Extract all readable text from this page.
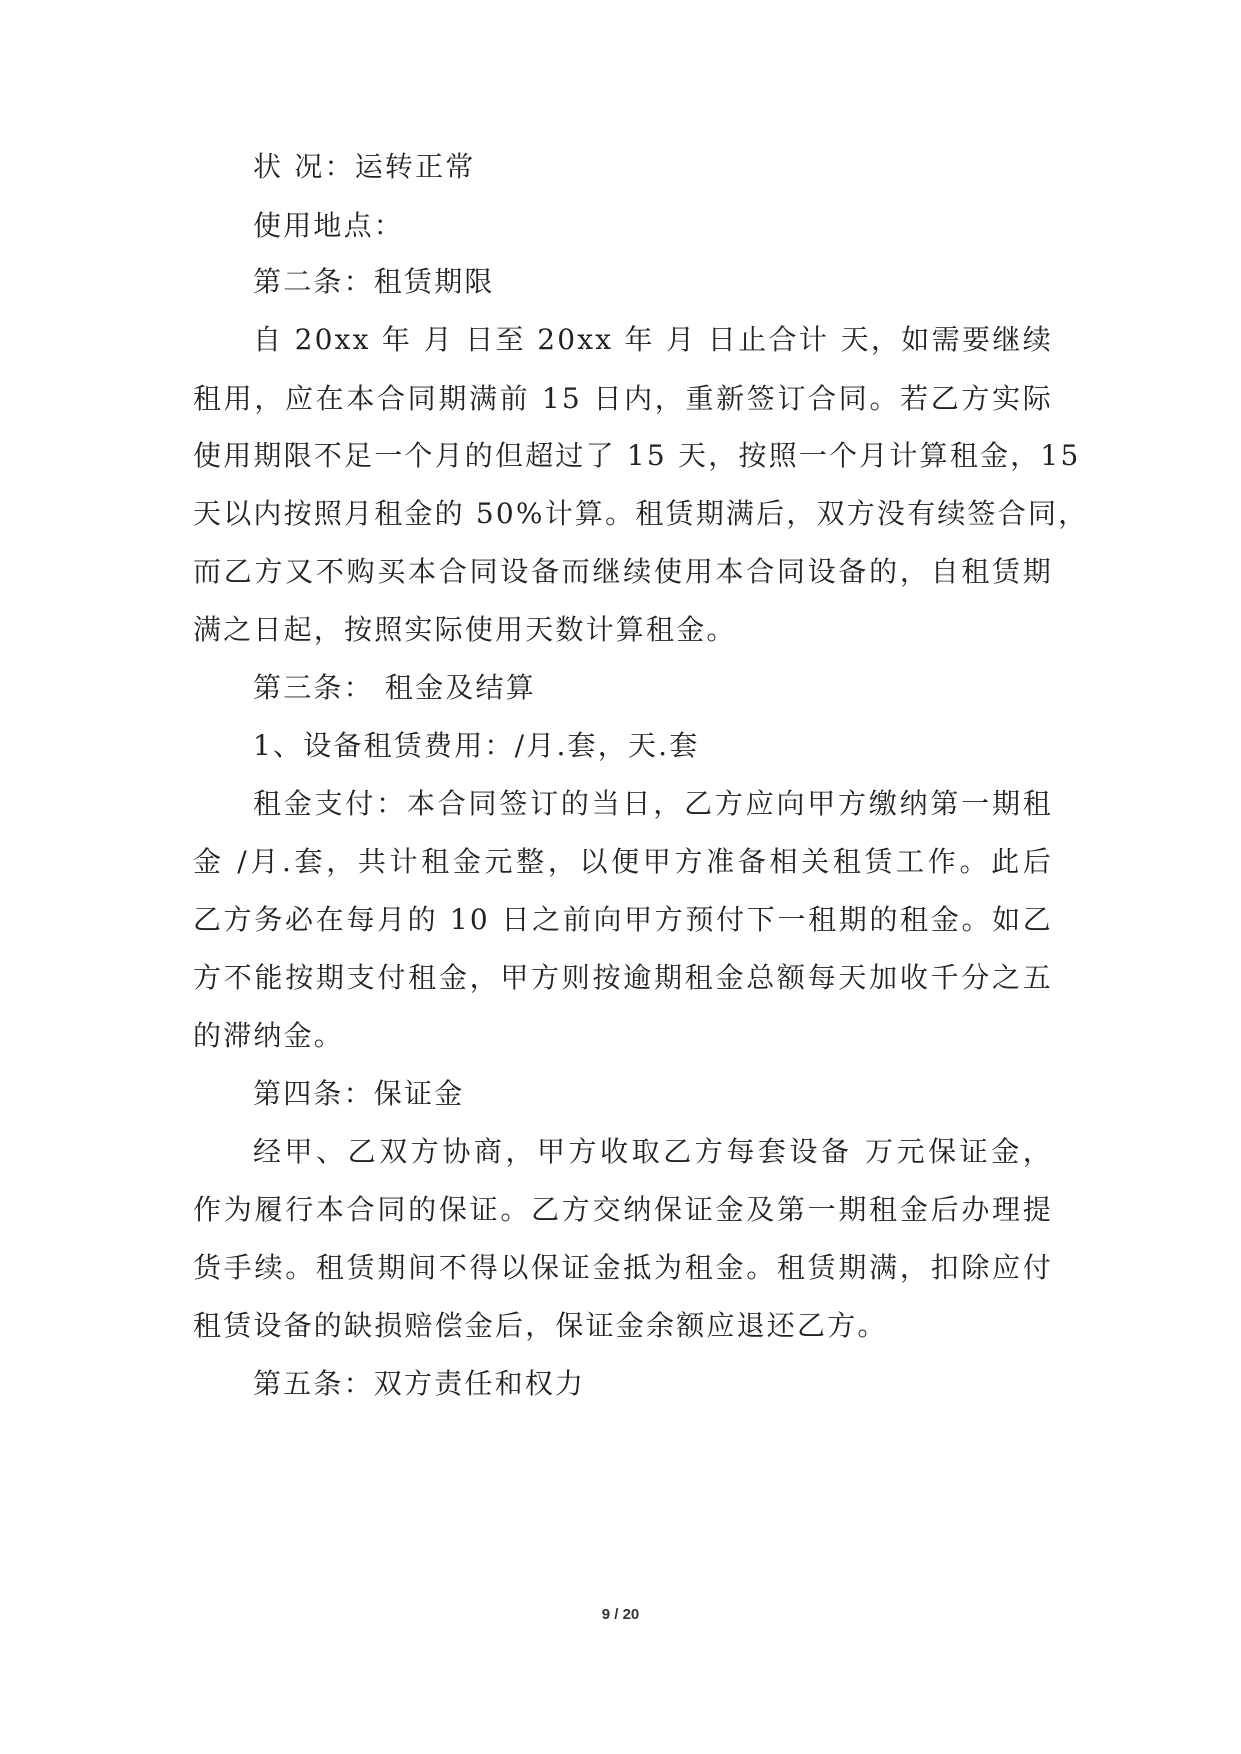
状 况：运转正常
使用地点：
第二条：租赁期限
自 20xx 年 月 日至 20xx 年 月 日止合计 天，如需要继续
租用，应在本合同期满前 15 日内，重新签订合同。若乙方实际
使用期限不足一个月的但超过了 15 天，按照一个月计算租金，15
天以内按照月租金的 50%计算。租赁期满后，双方没有续签合同，
而乙方又不购买本合同设备而继续使用本合同设备的，自租赁期
满之日起，按照实际使用天数计算租金。
第三条： 租金及结算
1、设备租赁费用：/月.套，天.套
租金支付：本合同签订的当日，乙方应向甲方缴纳第一期租
金 /月.套，共计租金元整，以便甲方准备相关租赁工作。此后
乙方务必在每月的 10 日之前向甲方预付下一租期的租金。如乙
方不能按期支付租金，甲方则按逾期租金总额每天加收千分之五
的滞纳金。
第四条：保证金
经甲、乙双方协商，甲方收取乙方每套设备 万元保证金，
作为履行本合同的保证。乙方交纳保证金及第一期租金后办理提
货手续。租赁期间不得以保证金抵为租金。租赁期满，扣除应付
租赁设备的缺损赔偿金后，保证金余额应退还乙方。
第五条：双方责任和权力
9 / 20
